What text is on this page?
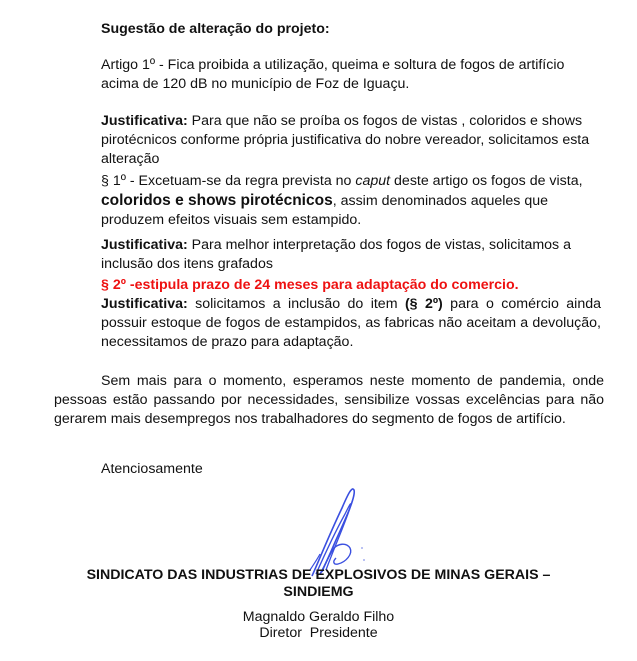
Sugestão de alteração do projeto:

Artigo 1º - Fica proibida a utilização, queima e soltura de fogos de artifício acima de 120 dB no município de Foz de Iguaçu.

Justificativa: Para que não se proíba os fogos de vistas , coloridos e shows pirotécnicos conforme própria justificativa do nobre vereador, solicitamos esta alteração

§ 1º - Excetuam-se da regra prevista no caput deste artigo os fogos de vista, coloridos e shows pirotécnicos, assim denominados aqueles que produzem efeitos visuais sem estampido.

Justificativa: Para melhor interpretação dos fogos de vistas, solicitamos a inclusão dos itens grafados

§ 2º -estipula prazo de 24 meses para adaptação do comercio.

Justificativa: solicitamos a inclusão do item (§ 2º) para o comércio ainda possuir estoque de fogos de estampidos, as fabricas não aceitam a devolução, necessitamos de prazo para adaptação.

Sem mais para o momento, esperamos neste momento de pandemia, onde pessoas estão passando por necessidades, sensibilize vossas excelências para não gerarem mais desempregos nos trabalhadores do segmento de fogos de artifício.

Atenciosamente

SINDICATO DAS INDUSTRIAS DE EXPLOSIVOS DE MINAS GERAIS –

SINDIEMG

Magnaldo Geraldo Filho

Diretor  Presidente
